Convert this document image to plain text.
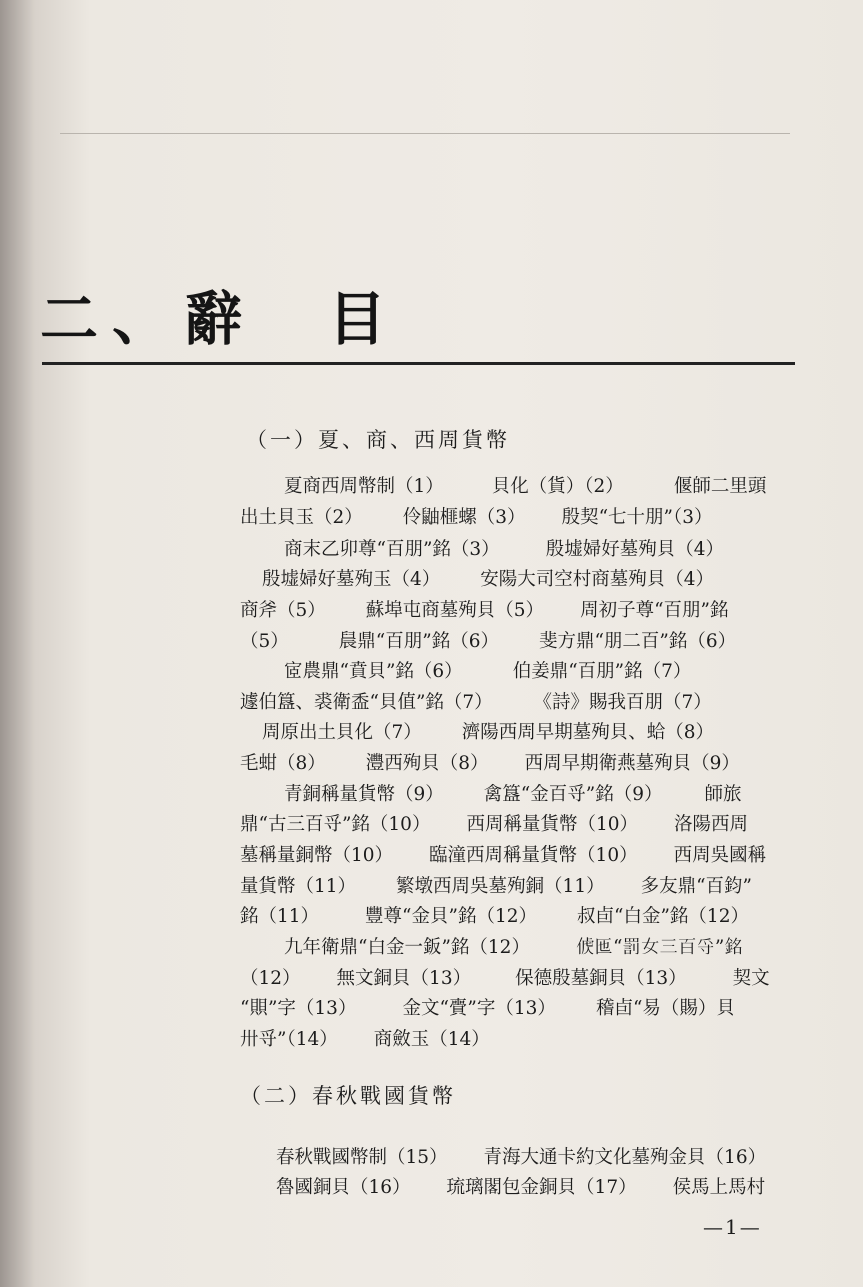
二、辭　目
（一）夏、商、西周貨幣
夏商西周幣制（1）	貝化（貨）（2）	偃師二里頭
出土貝玉（2） 伶鼬榧螺（3） 殷契“七十朋”（3）
商末乙卯尊“百朋”銘（3） 殷墟婦好墓殉貝（4）
殷墟婦好墓殉玉（4） 安陽大司空村商墓殉貝（4）
商斧（5） 蘇埠屯商墓殉貝（5） 周初子尊“百朋”銘
（5）	䢅鼎“百朋”銘（6） 斐方鼎“朋二百”銘（6）
宧農鼎“賁貝”銘（6）	伯姜鼎“百朋”銘（7）
遽伯簋、裘衛盉“貝值”銘（7）	《詩》賜我百朋（7）
周原出土貝化（7） 濟陽西周早期墓殉貝、蛤（8）
毛蚶（8） 灃西殉貝（8） 西周早期衛燕墓殉貝（9）
青銅稱量貨幣（9） 禽簋“金百寽”銘（9） 師旅
鼎“古三百寽”銘（10） 西周稱量貨幣（10） 洛陽西周
墓稱量銅幣（10） 臨潼西周稱量貨幣（10） 西周吳國稱
量貨幣（11） 繁墩西周吳墓殉銅（11） 多友鼎“百鈞”
銘（11） 豐尊“金貝”銘（12） 叔卣“白金”銘（12）
九年衛鼎“白金一鈑”銘（12） 𠊤匜“罰女三百寽”銘
（12） 無文銅貝（13） 保德殷墓銅貝（13） 契文
“賏”字（13） 金文“賷”字（13） 稽卣“易（賜）貝
卅寽”（14） 商斂玉（14）
（二）春秋戰國貨幣
春秋戰國幣制（15） 青海大通卡約文化墓殉金貝（16）
魯國銅貝（16） 琉璃閣包金銅貝（17） 侯馬上馬村
—1—
